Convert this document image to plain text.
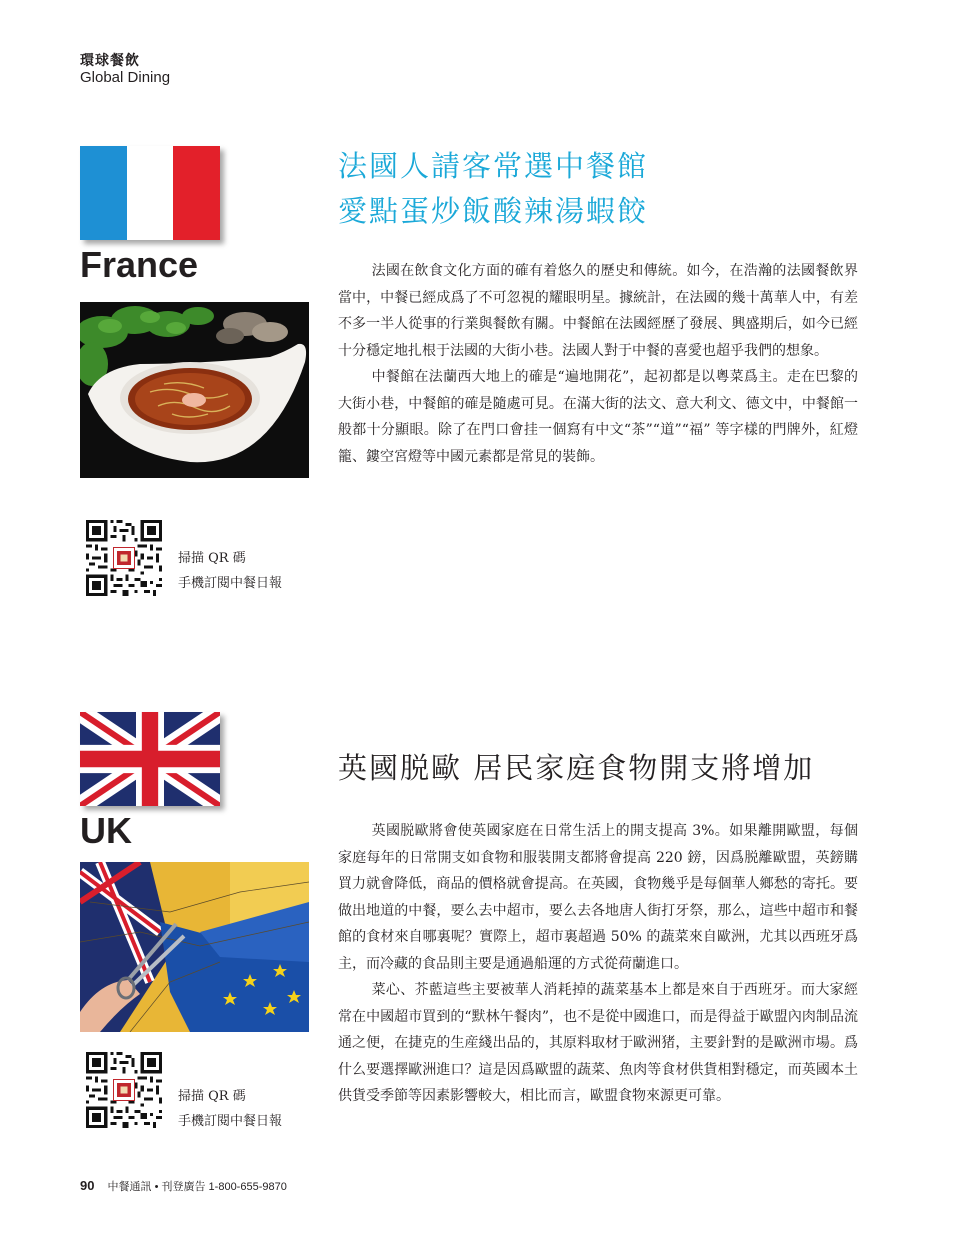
環球餐飲
Global Dining
France
法國人請客常選中餐館
愛點蛋炒飯酸辣湯蝦餃

法國在飲食文化方面的確有着悠久的歷史和傳統。如今，在浩瀚的法國餐飲界當中，中餐已經成爲了不可忽視的耀眼明星。據統計，在法國的幾十萬華人中，有差不多一半人從事的行業與餐飲有關。中餐館在法國經歷了發展、興盛期后，如今已經十分穩定地扎根于法國的大街小巷。法國人對于中餐的喜愛也超乎我們的想象。

中餐館在法蘭西大地上的確是“遍地開花”，起初都是以粵菜爲主。走在巴黎的大街小巷，中餐館的確是隨處可見。在滿大街的法文、意大利文、德文中，中餐館一般都十分顯眼。除了在門口會挂一個寫有中文“茶”“道”“福” 等字樣的門牌外，紅燈籠、鏤空宮燈等中國元素都是常見的裝飾。

掃描 QR 碼
手機訂閱中餐日報
UK
英國脱歐 居民家庭食物開支將增加

英國脱歐將會使英國家庭在日常生活上的開支提高 3%。如果離開歐盟，每個家庭每年的日常開支如食物和服裝開支都將會提高 220 鎊，因爲脱離歐盟，英鎊購買力就會降低，商品的價格就會提高。在英國，食物幾乎是每個華人鄉愁的寄托。要做出地道的中餐，要么去中超市，要么去各地唐人街打牙祭，那么，這些中超市和餐館的食材來自哪裏呢？實際上，超市裏超過 50% 的蔬菜來自歐洲，尤其以西班牙爲主，而冷藏的食品則主要是通過船運的方式從荷蘭進口。

菜心、芥藍這些主要被華人消耗掉的蔬菜基本上都是來自于西班牙。而大家經常在中國超市買到的“默林午餐肉”，也不是從中國進口，而是得益于歐盟內肉制品流通之便，在捷克的生産綫出品的，其原料取材于歐洲猪，主要針對的是歐洲市場。爲什么要選擇歐洲進口？這是因爲歐盟的蔬菜、魚肉等食材供貨相對穩定，而英國本土供貨受季節等因素影響較大，相比而言，歐盟食物來源更可靠。

掃描 QR 碼
手機訂閱中餐日報
90 中餐通訊 • 刊登廣告 1-800-655-9870
